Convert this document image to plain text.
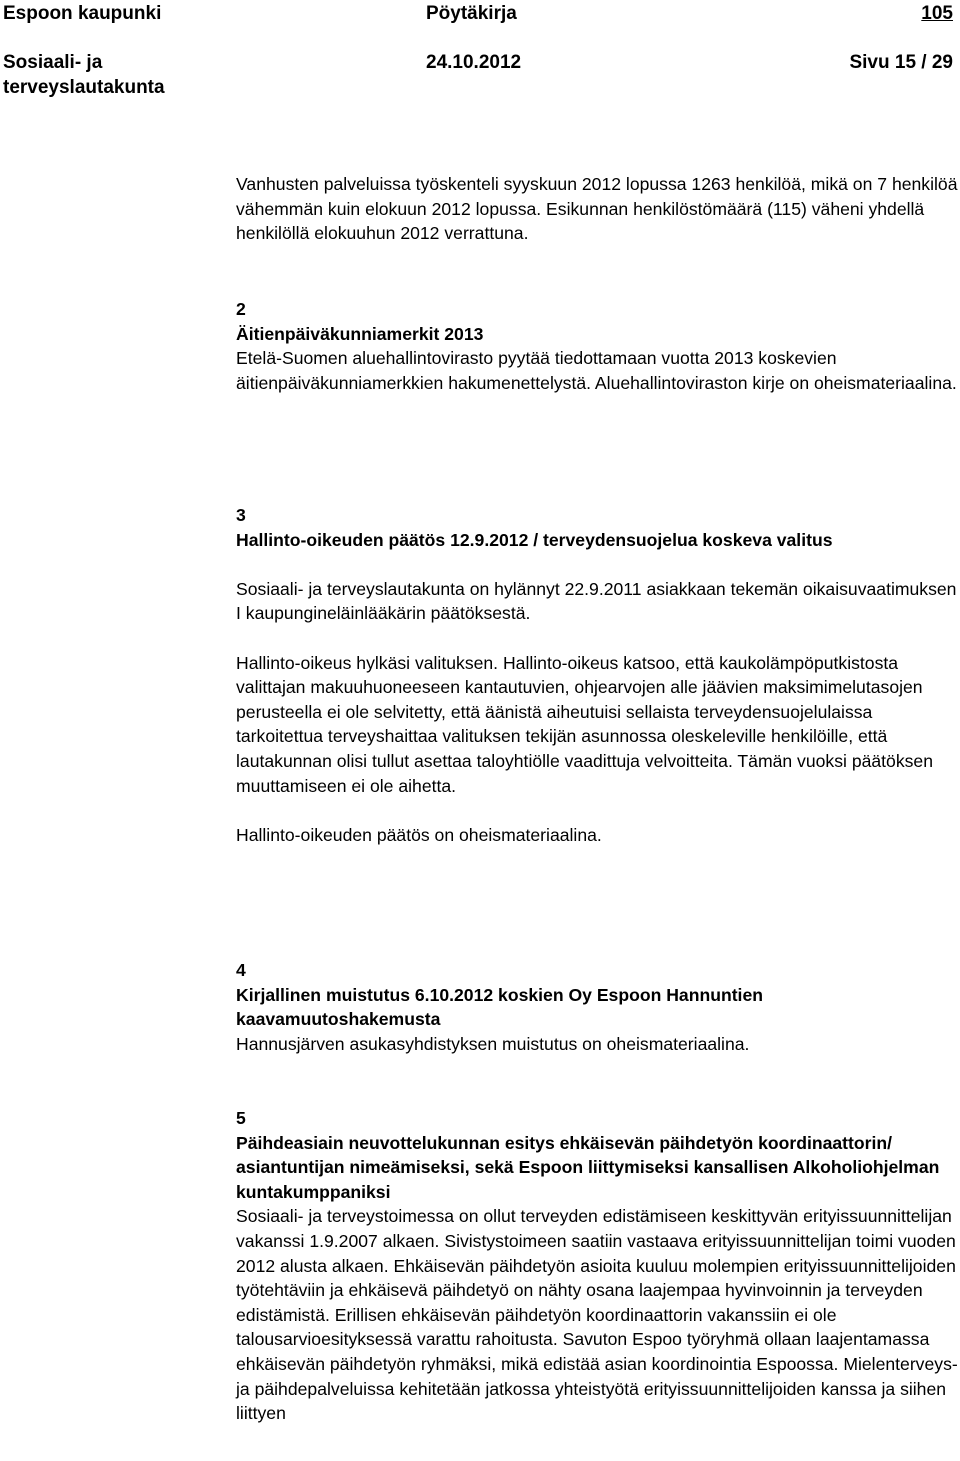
Espoon kaupunki	Pöytäkirja	105
Sosiaali- ja
terveyslautakunta
24.10.2012	Sivu 15 / 29

Vanhusten palveluissa työskenteli syyskuun 2012 lopussa 1263 henkilöä, mikä on 7 henkilöä vähemmän kuin elokuun 2012 lopussa. Esikunnan henkilöstömäärä (115) väheni yhdellä henkilöllä elokuuhun 2012 verrattuna.

2

Äitienpäiväkunniamerkit 2013

Etelä-Suomen aluehallintovirasto pyytää tiedottamaan vuotta 2013 koskevien äitienpäiväkunniamerkkien hakumenettelystä. Aluehallintoviraston kirje on oheismateriaalina.

3

Hallinto-oikeuden päätös 12.9.2012 / terveydensuojelua koskeva valitus

Sosiaali- ja terveyslautakunta on hylännyt 22.9.2011 asiakkaan tekemän oikaisuvaatimuksen I kaupungineläinlääkärin päätöksestä.

Hallinto-oikeus hylkäsi valituksen. Hallinto-oikeus katsoo, että kaukolämpöputkistosta valittajan makuuhuoneeseen kantautuvien, ohjearvojen alle jäävien maksimimelutasojen perusteella ei ole selvitetty, että äänistä aiheutuisi sellaista terveydensuojelulaissa tarkoitettua terveyshaittaa valituksen tekijän asunnossa oleskeleville henkilöille, että lautakunnan olisi tullut asettaa taloyhtiölle vaadittuja velvoitteita. Tämän vuoksi päätöksen muuttamiseen ei ole aihetta.

Hallinto-oikeuden päätös on oheismateriaalina.

4

Kirjallinen muistutus 6.10.2012 koskien Oy Espoon Hannuntien kaavamuutoshakemusta

Hannusjärven asukasyhdistyksen muistutus on oheismateriaalina.

5

Päihdeasiain neuvottelukunnan esitys ehkäisevän päihdetyön koordinaattorin/ asiantuntijan nimeämiseksi, sekä Espoon liittymiseksi kansallisen Alkoholiohjelman kuntakumppaniksi

Sosiaali- ja terveystoimessa on ollut terveyden edistämiseen keskittyvän erityissuunnittelijan vakanssi 1.9.2007 alkaen. Sivistystoimeen saatiin vastaava erityissuunnittelijan toimi vuoden 2012 alusta alkaen. Ehkäisevän päihdetyön asioita kuuluu molempien erityissuunnittelijoiden työtehtäviin ja ehkäisevä päihdetyö on nähty osana laajempaa hyvinvoinnin ja terveyden edistämistä. Erillisen ehkäisevän päihdetyön koordinaattorin vakanssiin ei ole talousarvioesityksessä varattu rahoitusta. Savuton Espoo työryhmä ollaan laajentamassa ehkäisevän päihdetyön ryhmäksi, mikä edistää asian koordinointia Espoossa. Mielenterveys- ja päihdepalveluissa kehitetään jatkossa yhteistyötä erityissuunnittelijoiden kanssa ja siihen liittyen
